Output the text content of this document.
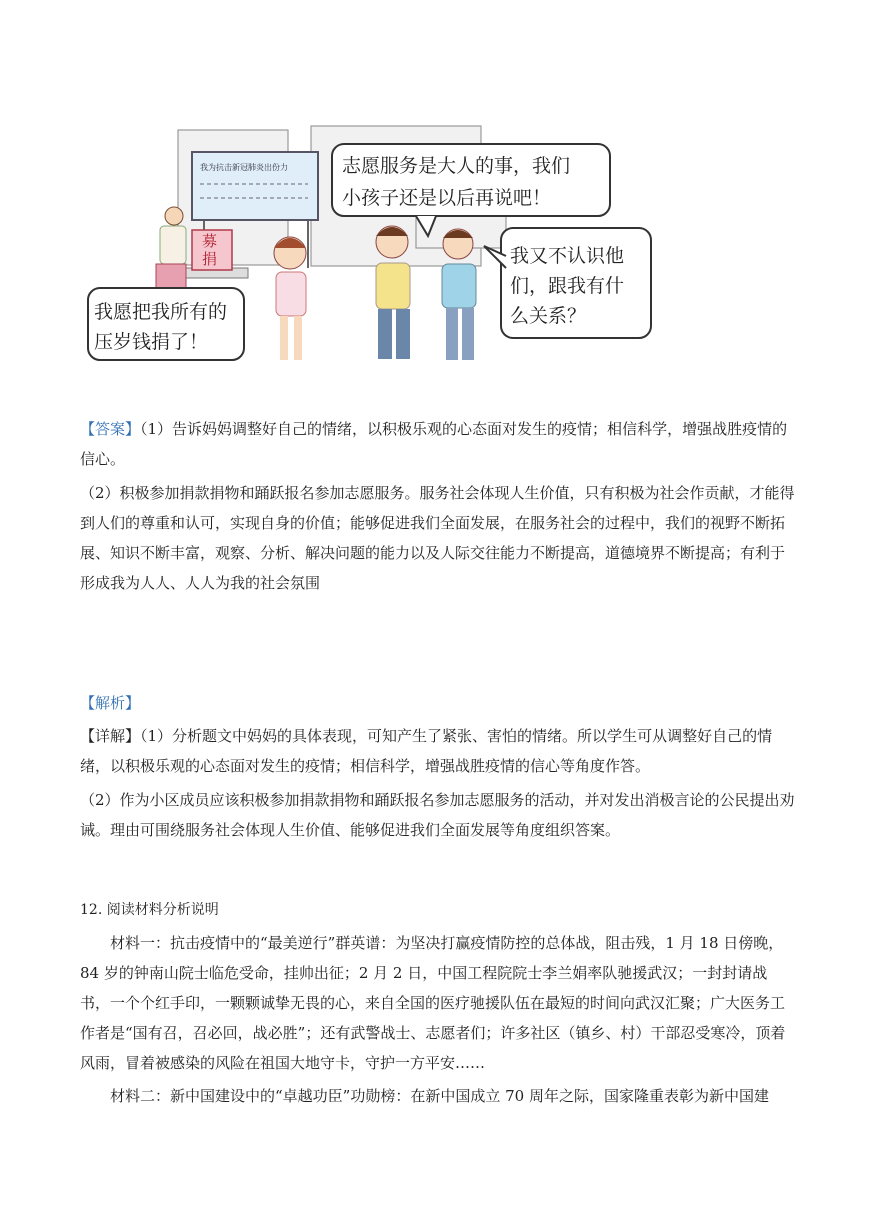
我为抗击新冠肺炎出份力
募
捐
志愿服务是大人的事，我们
小孩子还是以后再说吧！
我又不认识他
们，跟我有什
么关系？
我愿把我所有的
压岁钱捐了！
【答案】（1）告诉妈妈调整好自己的情绪，以积极乐观的心态面对发生的疫情；相信科学，增强战胜疫情的信心。
（2）积极参加捐款捐物和踊跃报名参加志愿服务。服务社会体现人生价值，只有积极为社会作贡献，才能得到人们的尊重和认可，实现自身的价值；能够促进我们全面发展，在服务社会的过程中，我们的视野不断拓展、知识不断丰富，观察、分析、解决问题的能力以及人际交往能力不断提高，道德境界不断提高；有利于形成我为人人、人人为我的社会氛围
【解析】
【详解】（1）分析题文中妈妈的具体表现，可知产生了紧张、害怕的情绪。所以学生可从调整好自己的情绪，以积极乐观的心态面对发生的疫情；相信科学，增强战胜疫情的信心等角度作答。
（2）作为小区成员应该积极参加捐款捐物和踊跃报名参加志愿服务的活动，并对发出消极言论的公民提出劝诫。理由可围绕服务社会体现人生价值、能够促进我们全面发展等角度组织答案。
12. 阅读材料分析说明
材料一：抗击疫情中的“最美逆行”群英谱：为坚决打赢疫情防控的总体战，阻击残，1 月 18 日傍晚，84 岁的钟南山院士临危受命，挂帅出征；2 月 2 日，中国工程院院士李兰娟率队驰援武汉；一封封请战书，一个个红手印，一颗颗诚挚无畏的心，来自全国的医疗驰援队伍在最短的时间向武汉汇聚；广大医务工作者是“国有召，召必回，战必胜”；还有武警战士、志愿者们；许多社区（镇乡、村）干部忍受寒冷，顶着风雨，冒着被感染的风险在祖国大地守卡，守护一方平安……
材料二：新中国建设中的“卓越功臣”功勋榜：在新中国成立 70 周年之际，国家隆重表彰为新中国建
